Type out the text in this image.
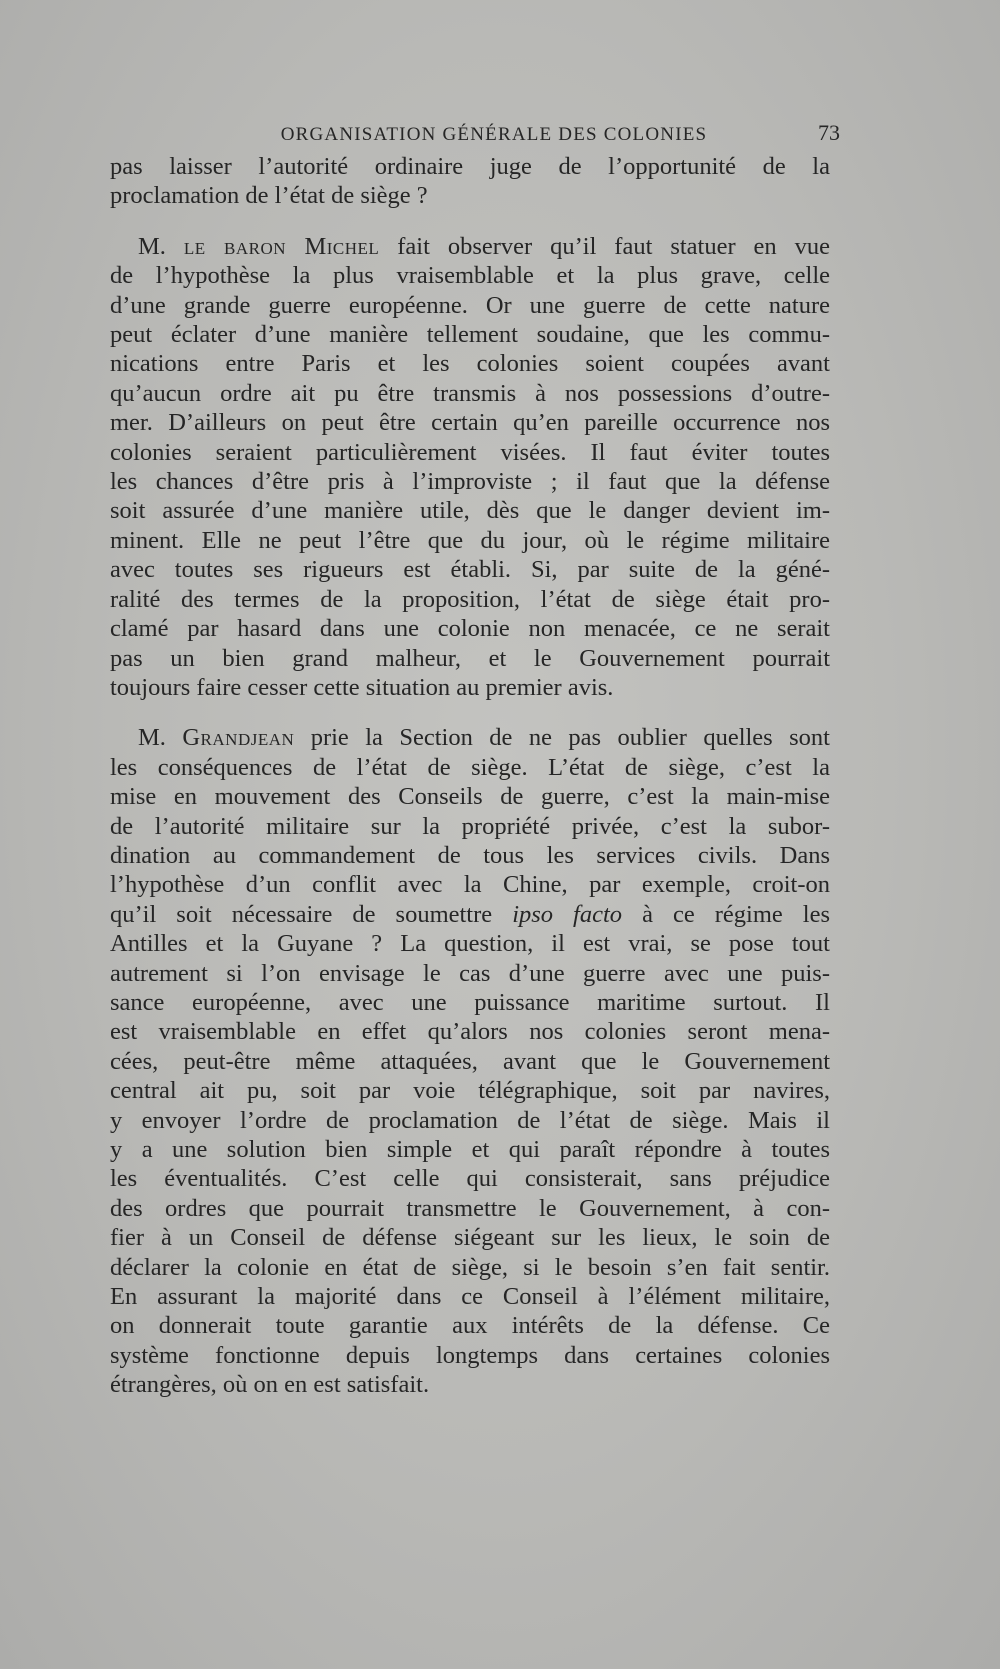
ORGANISATION GÉNÉRALE DES COLONIES	73
pas laisser l’autorité ordinaire juge de l’opportunité de la
proclamation de l’état de siège ?
M. le baron Michel fait observer qu’il faut statuer en vue
de l’hypothèse la plus vraisemblable et la plus grave, celle
d’une grande guerre européenne. Or une guerre de cette nature
peut éclater d’une manière tellement soudaine, que les commu-
nications entre Paris et les colonies soient coupées avant
qu’aucun ordre ait pu être transmis à nos possessions d’outre-
mer. D’ailleurs on peut être certain qu’en pareille occurrence nos
colonies seraient particulièrement visées. Il faut éviter toutes
les chances d’être pris à l’improviste ; il faut que la défense
soit assurée d’une manière utile, dès que le danger devient im-
minent. Elle ne peut l’être que du jour, où le régime militaire
avec toutes ses rigueurs est établi. Si, par suite de la géné-
ralité des termes de la proposition, l’état de siège était pro-
clamé par hasard dans une colonie non menacée, ce ne serait
pas un bien grand malheur, et le Gouvernement pourrait
toujours faire cesser cette situation au premier avis.
M. Grandjean prie la Section de ne pas oublier quelles sont
les conséquences de l’état de siège. L’état de siège, c’est la
mise en mouvement des Conseils de guerre, c’est la main-mise
de l’autorité militaire sur la propriété privée, c’est la subor-
dination au commandement de tous les services civils. Dans
l’hypothèse d’un conflit avec la Chine, par exemple, croit-on
qu’il soit nécessaire de soumettre ipso facto à ce régime les
Antilles et la Guyane ? La question, il est vrai, se pose tout
autrement si l’on envisage le cas d’une guerre avec une puis-
sance européenne, avec une puissance maritime surtout. Il
est vraisemblable en effet qu’alors nos colonies seront mena-
cées, peut-être même attaquées, avant que le Gouvernement
central ait pu, soit par voie télégraphique, soit par navires,
y envoyer l’ordre de proclamation de l’état de siège. Mais il
y a une solution bien simple et qui paraît répondre à toutes
les éventualités. C’est celle qui consisterait, sans préjudice
des ordres que pourrait transmettre le Gouvernement, à con-
fier à un Conseil de défense siégeant sur les lieux, le soin de
déclarer la colonie en état de siège, si le besoin s’en fait sentir.
En assurant la majorité dans ce Conseil à l’élément militaire,
on donnerait toute garantie aux intérêts de la défense. Ce
système fonctionne depuis longtemps dans certaines colonies
étrangères, où on en est satisfait.
